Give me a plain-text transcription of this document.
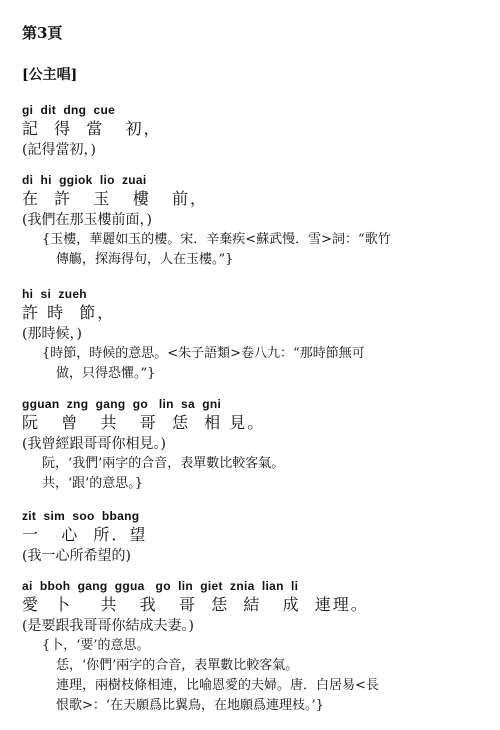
第3頁
[公主唱]
gi  dit  dng  cue
記  得  當   初，
(記得當初，)
di  hi  ggiok  lio  zuai
在  許   玉   樓   前，
(我們在那玉樓前面，)
{玉樓，華麗如玉的樓。宋．辛棄疾<蘇武慢．雪>詞：“歌竹
傳觴，探海得句，人在玉樓。”}
hi  si  zueh
許 時  節，
(那時候，)
{時節，時候的意思。<朱子語類>卷八九：“那時節無可
做，只得恐懼。”}
gguan  zng  gang  go   lin  sa  gni
阮   曾   共   哥  恁  相 見。
(我曾經跟哥哥你相見。)
阮，‘我們’兩字的合音，表單數比較客氣。
共，‘跟’的意思。}
zit  sim  soo  bbang
一   心  所．望
(我一心所希望的)
ai  bboh  gang  ggua   go  lin  giet  znia  lian  li
愛  卜    共   我   哥  恁  結   成  連理。
(是要跟我哥哥你結成夫妻。)
{卜，‘要’的意思。
恁，‘你們’兩字的合音，表單數比較客氣。
連理，兩樹枝條相連，比喻恩愛的夫婦。唐．白居易<長
恨歌>：‘在天願爲比翼鳥，在地願爲連理枝。’}
